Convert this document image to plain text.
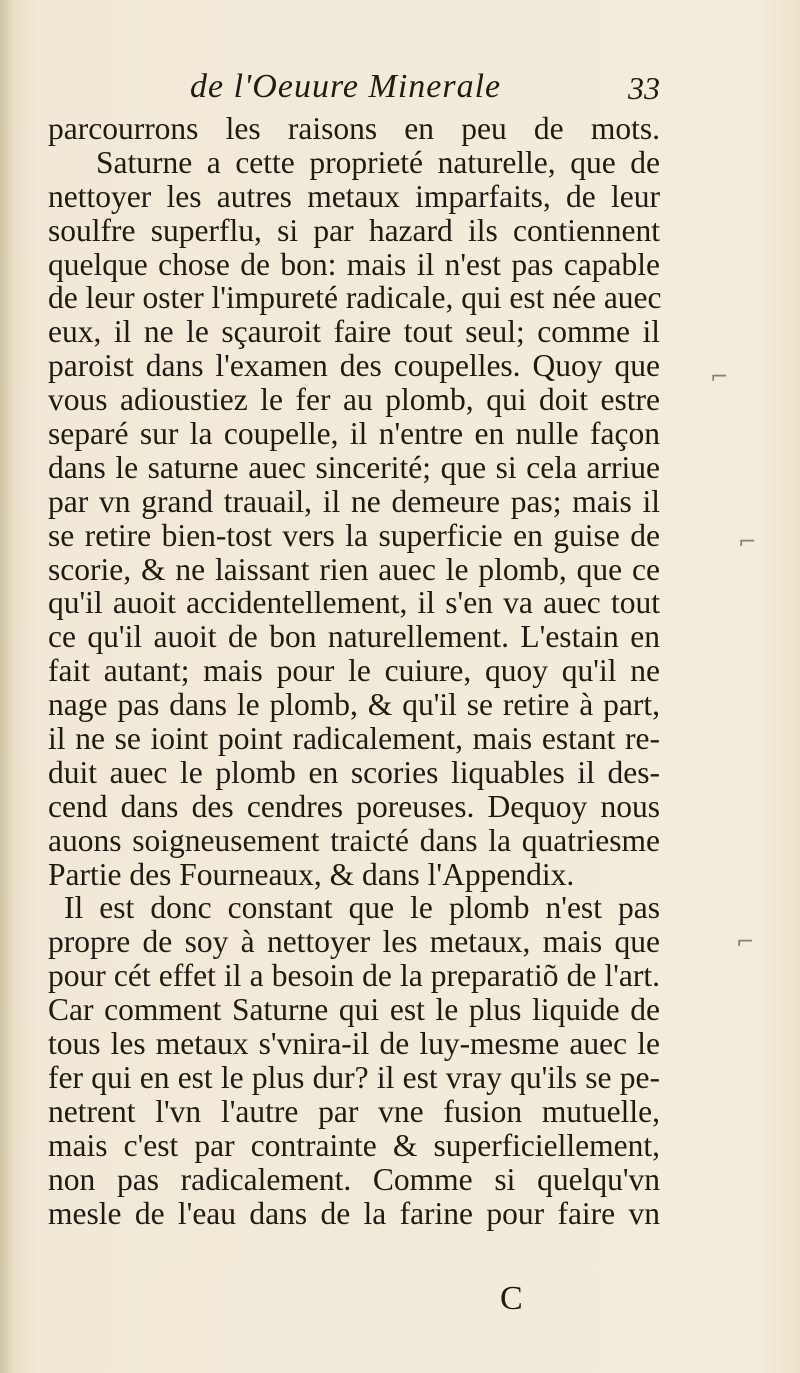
de l'Oeuure Minerale	33
parcourrons les raisons en peu de mots.
Saturne a cette proprieté naturelle, que de
nettoyer les autres metaux imparfaits, de leur
soulfre superflu, si par hazard ils contiennent
quelque chose de bon: mais il n'est pas capable
de leur oster l'impureté radicale, qui est née auec
eux, il ne le sçauroit faire tout seul; comme il
paroist dans l'examen des coupelles. Quoy que
vous adioustiez le fer au plomb, qui doit estre
separé sur la coupelle, il n'entre en nulle façon
dans le saturne auec sincerité; que si cela arriue
par vn grand trauail, il ne demeure pas; mais il
se retire bien-tost vers la superficie en guise de
scorie, & ne laissant rien auec le plomb, que ce
qu'il auoit accidentellement, il s'en va auec tout
ce qu'il auoit de bon naturellement. L'estain en
fait autant; mais pour le cuiure, quoy qu'il ne
nage pas dans le plomb, & qu'il se retire à part,
il ne se ioint point radicalement, mais estant re-
duit auec le plomb en scories liquables il des-
cend dans des cendres poreuses. Dequoy nous
auons soigneusement traicté dans la quatriesme
Partie des Fourneaux, & dans l'Appendix.
Il est donc constant que le plomb n'est pas
propre de soy à nettoyer les metaux, mais que
pour cét effet il a besoin de la preparatiõ de l'art.
Car comment Saturne qui est le plus liquide de
tous les metaux s'vnira-il de luy-mesme auec le
fer qui en est le plus dur? il est vray qu'ils se pe-
netrent l'vn l'autre par vne fusion mutuelle,
mais c'est par contrainte & superficiellement,
non pas radicalement. Comme si quelqu'vn
mesle de l'eau dans de la farine pour faire vn
C
⌐
⌐
⌐
